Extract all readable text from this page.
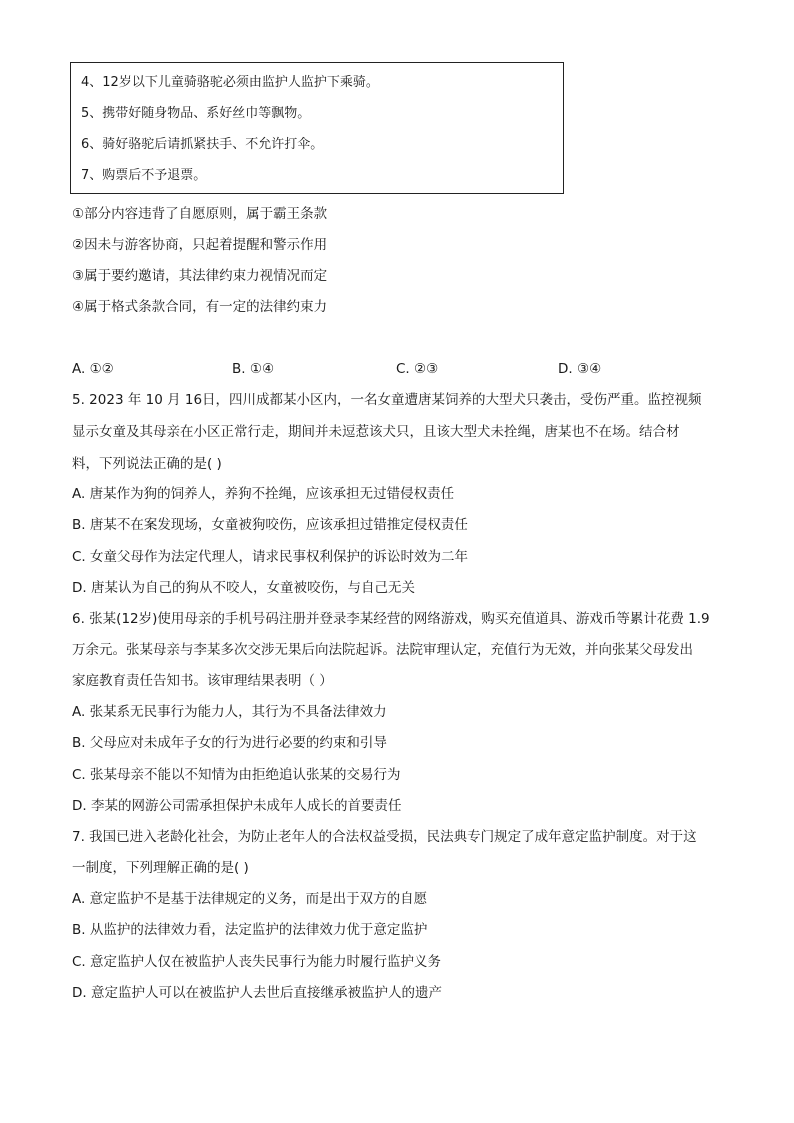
4、12岁以下儿童骑骆驼必须由监护人监护下乘骑。
5、携带好随身物品、系好丝巾等飘物。
6、骑好骆驼后请抓紧扶手、不允许打伞。
7、购票后不予退票。
①部分内容违背了自愿原则，属于霸王条款
②因未与游客协商，只起着提醒和警示作用
③属于要约邀请，其法律约束力视情况而定
④属于格式条款合同，有一定的法律约束力
A. ①②	B. ①④	C. ②③	D. ③④
5. 2023 年 10 月 16日，四川成都某小区内，一名女童遭唐某饲养的大型犬只袭击，受伤严重。监控视频
显示女童及其母亲在小区正常行走，期间并未逗惹该犬只，且该大型犬未拴绳，唐某也不在场。结合材
料，下列说法正确的是( )
A. 唐某作为狗的饲养人，养狗不拴绳，应该承担无过错侵权责任
B. 唐某不在案发现场，女童被狗咬伤，应该承担过错推定侵权责任
C. 女童父母作为法定代理人，请求民事权利保护的诉讼时效为二年
D. 唐某认为自己的狗从不咬人，女童被咬伤，与自己无关
6. 张某(12岁)使用母亲的手机号码注册并登录李某经营的网络游戏，购买充值道具、游戏币等累计花费 1.9
万余元。张某母亲与李某多次交涉无果后向法院起诉。法院审理认定，充值行为无效，并向张某父母发出
家庭教育责任告知书。该审理结果表明（ ）
A. 张某系无民事行为能力人，其行为不具备法律效力
B. 父母应对未成年子女的行为进行必要的约束和引导
C. 张某母亲不能以不知情为由拒绝追认张某的交易行为
D. 李某的网游公司需承担保护未成年人成长的首要责任
7. 我国已进入老龄化社会，为防止老年人的合法权益受损，民法典专门规定了成年意定监护制度。对于这
一制度，下列理解正确的是( )
A. 意定监护不是基于法律规定的义务，而是出于双方的自愿
B. 从监护的法律效力看，法定监护的法律效力优于意定监护
C. 意定监护人仅在被监护人丧失民事行为能力时履行监护义务
D. 意定监护人可以在被监护人去世后直接继承被监护人的遗产
